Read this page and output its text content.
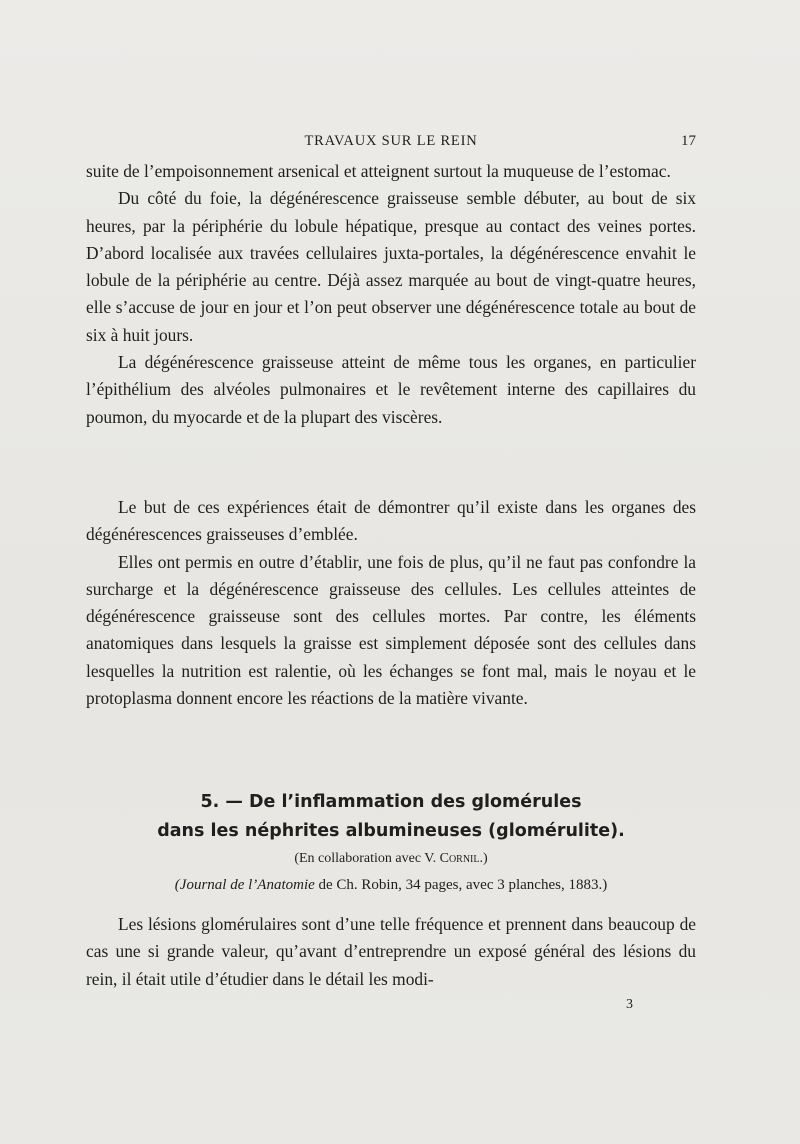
TRAVAUX SUR LE REIN	17

suite de l’empoisonnement arsenical et atteignent surtout la muqueuse de l’estomac.

Du côté du foie, la dégénérescence graisseuse semble débuter, au bout de six heures, par la périphérie du lobule hépatique, presque au contact des veines portes. D’abord localisée aux travées cellulaires juxta-portales, la dégénérescence envahit le lobule de la périphérie au centre. Déjà assez marquée au bout de vingt-quatre heures, elle s’accuse de jour en jour et l’on peut observer une dégénérescence totale au bout de six à huit jours.

La dégénérescence graisseuse atteint de même tous les organes, en particulier l’épithélium des alvéoles pulmonaires et le revêtement interne des capillaires du poumon, du myocarde et de la plupart des viscères.

Le but de ces expériences était de démontrer qu’il existe dans les organes des dégénérescences graisseuses d’emblée.

Elles ont permis en outre d’établir, une fois de plus, qu’il ne faut pas confondre la surcharge et la dégénérescence graisseuse des cellules. Les cellules atteintes de dégénérescence graisseuse sont des cellules mortes. Par contre, les éléments anatomiques dans lesquels la graisse est simplement déposée sont des cellules dans lesquelles la nutrition est ralentie, où les échanges se font mal, mais le noyau et le protoplasma donnent encore les réactions de la matière vivante.

5. — De l’inflammation des glomérules
dans les néphrites albumineuses (glomérulite).
(En collaboration avec V. Cornil.)
(Journal de l’Anatomie de Ch. Robin, 34 pages, avec 3 planches, 1883.)

Les lésions glomérulaires sont d’une telle fréquence et prennent dans beaucoup de cas une si grande valeur, qu’avant d’entreprendre un exposé général des lésions du rein, il était utile d’étudier dans le détail les modi-

3
